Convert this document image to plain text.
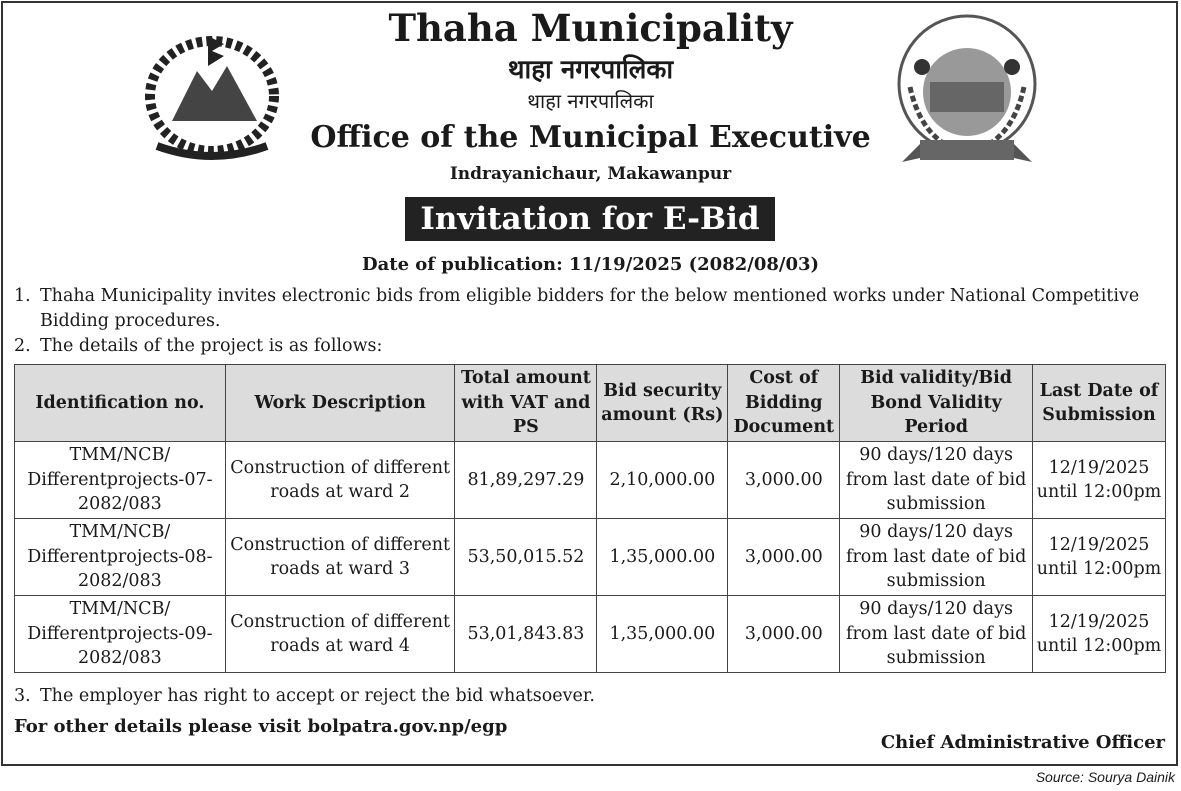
Thaha Municipality
थाहा नगरपालिका
थाहा नगरपालिका
Office of the Municipal Executive
Indrayanichaur, Makawanpur
Invitation for E-Bid
Date of publication: 11/19/2025 (2082/08/03)
1. Thaha Municipality invites electronic bids from eligible bidders for the below mentioned works under National Competitive Bidding procedures.
2. The details of the project is as follows:
Identification no.	Work Description	Total amount with VAT and PS	Bid security amount (Rs)	Cost of Bidding Document	Bid validity/Bid Bond Validity Period	Last Date of Submission
TMM/NCB/ Differentprojects-07-2082/083	Construction of different roads at ward 2	81,89,297.29	2,10,000.00	3,000.00	90 days/120 days from last date of bid submission	12/19/2025 until 12:00pm
TMM/NCB/ Differentprojects-08-2082/083	Construction of different roads at ward 3	53,50,015.52	1,35,000.00	3,000.00	90 days/120 days from last date of bid submission	12/19/2025 until 12:00pm
TMM/NCB/ Differentprojects-09-2082/083	Construction of different roads at ward 4	53,01,843.83	1,35,000.00	3,000.00	90 days/120 days from last date of bid submission	12/19/2025 until 12:00pm
3. The employer has right to accept or reject the bid whatsoever.
For other details please visit bolpatra.gov.np/egp
Chief Administrative Officer
Source: Sourya Dainik
